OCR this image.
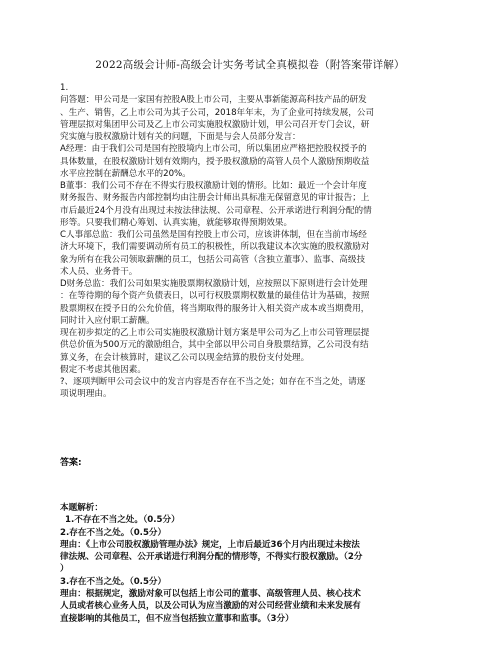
2022高级会计师-高级会计实务考试全真模拟卷（附答案带详解）

1.

问答题：甲公司是一家国有控股A股上市公司，主要从事新能源高科技产品的研发

、生产、销售，乙上市公司为其子公司，2018年年末，为了企业可持续发展，公司

管理层拟对集团甲公司及乙上市公司实施股权激励计划，甲公司召开专门会议，研

究实施与股权激励计划有关的问题，下面是与会人员部分发言：

A经理：由于我们公司是国有控股境内上市公司，所以集团应严格把控股权授予的

具体数量，在股权激励计划有效期内，授予股权激励的高管人员个人激励预期收益

水平应控制在薪酬总水平的20%。

B董事：我们公司不存在不得实行股权激励计划的情形。比如：最近一个会计年度

财务报告、财务报告内部控制均由注册会计师出具标准无保留意见的审计报告；上

市后最近24个月没有出现过未按法律法规、公司章程、公开承诺进行利润分配的情

形等。只要我们精心筹划、认真实施，就能够取得预期效果。

C人事部总监：我们公司虽然是国有控股上市公司，应该讲体制，但在当前市场经

济大环境下，我们需要调动所有员工的积极性，所以我建议本次实施的股权激励对

象为所有在我公司领取薪酬的员工，包括公司高管（含独立董事）、监事、高级技

术人员、业务骨干。

D财务总监：我们公司如果实施股票期权激励计划，应按照以下原则进行会计处理

：在等待期的每个资产负债表日，以可行权股票期权数量的最佳估计为基础，按照

股票期权在授予日的公允价值，将当期取得的服务计入相关资产成本或当期费用，

同时计入应付职工薪酬。

现在初步拟定的乙上市公司实施股权激励计划方案是甲公司为乙上市公司管理层提

供总价值为500万元的激励组合，其中全部以甲公司自身股票结算，乙公司没有结

算义务，在会计核算时，建议乙公司以现金结算的股份支付处理。

假定不考虑其他因素。

?、逐项判断甲公司会议中的发言内容是否存在不当之处；如存在不当之处，请逐

项说明理由。

答案:

本题解析：

1.不存在不当之处。（0.5分）

2.存在不当之处。（0.5分）

理由：《上市公司股权激励管理办法》规定，上市后最近36个月内出现过未按法

律法规、公司章程、公开承诺进行利润分配的情形等，不得实行股权激励。（2分

）

3.存在不当之处。（0.5分）

理由：根据规定，激励对象可以包括上市公司的董事、高级管理人员、核心技术

人员或者核心业务人员，以及公司认为应当激励的对公司经营业绩和未来发展有

直接影响的其他员工，但不应当包括独立董事和监事。（3分）
